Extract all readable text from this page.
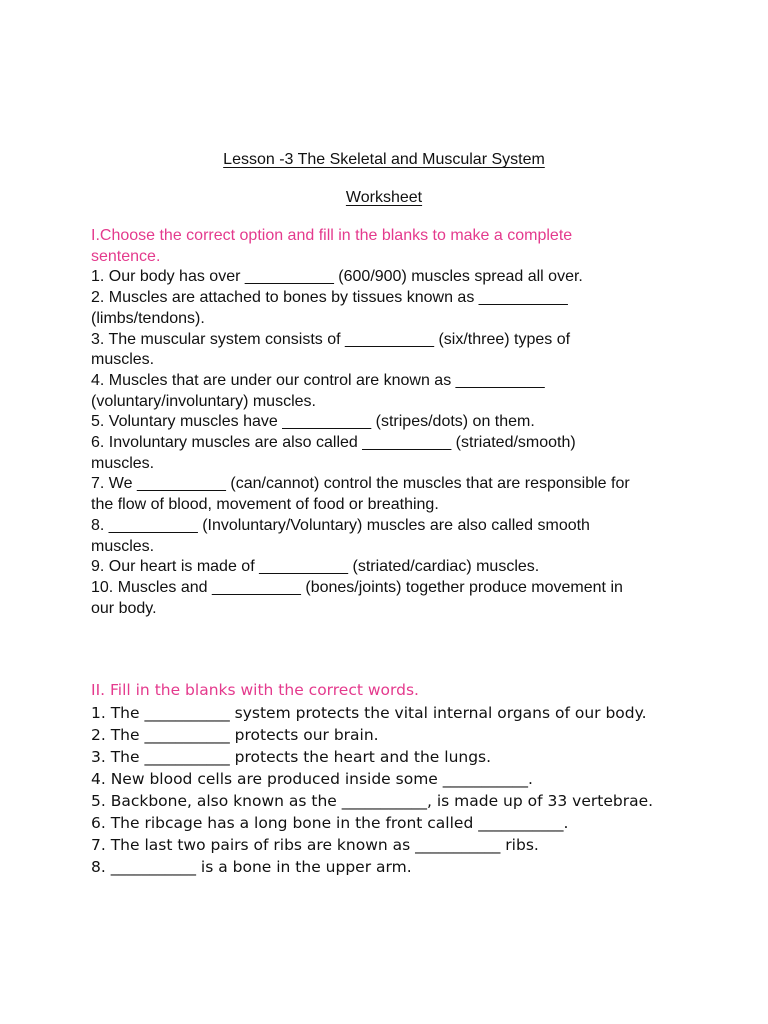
Lesson -3 The Skeletal and Muscular System
Worksheet

I.Choose the correct option and fill in the blanks to make a complete sentence.

1. Our body has over __________ (600/900) muscles spread all over.

2. Muscles are attached to bones by tissues known as __________ (limbs/tendons).

3. The muscular system consists of __________ (six/three) types of muscles.

4. Muscles that are under our control are known as __________ (voluntary/involuntary) muscles.

5. Voluntary muscles have __________ (stripes/dots) on them.

6. Involuntary muscles are also called __________ (striated/smooth) muscles.

7. We __________ (can/cannot) control the muscles that are responsible for the flow of blood, movement of food or breathing.

8. __________ (Involuntary/Voluntary) muscles are also called smooth muscles.

9. Our heart is made of __________ (striated/cardiac) muscles.

10. Muscles and __________ (bones/joints) together produce movement in our body.

II. Fill in the blanks with the correct words.

1. The ___________ system protects the vital internal organs of our body.

2. The ___________ protects our brain.

3. The ___________ protects the heart and the lungs.

4. New blood cells are produced inside some ___________.

5. Backbone, also known as the ___________, is made up of 33 vertebrae.

6. The ribcage has a long bone in the front called ___________.

7. The last two pairs of ribs are known as ___________ ribs.

8. ___________ is a bone in the upper arm.
